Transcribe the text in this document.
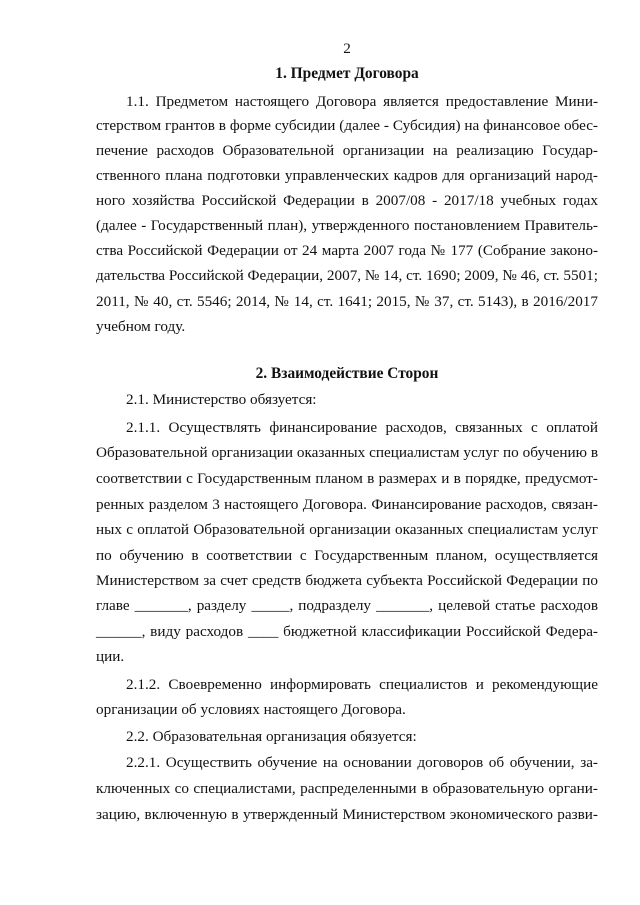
2
1. Предмет Договора
1.1. Предметом настоящего Договора является предоставление Мини-
стерством грантов в форме субсидии (далее - Субсидия) на финансовое обес-
печение расходов Образовательной организации на реализацию Государ-
ственного плана подготовки управленческих кадров для организаций народ-
ного хозяйства Российской Федерации в 2007/08 - 2017/18 учебных годах
(далее - Государственный план), утвержденного постановлением Правитель-
ства Российской Федерации от 24 марта 2007 года № 177 (Собрание законо-
дательства Российской Федерации, 2007, № 14, ст. 1690; 2009, № 46, ст. 5501;
2011, № 40, ст. 5546; 2014, № 14, ст. 1641; 2015, № 37, ст. 5143), в 2016/2017
учебном году.
2. Взаимодействие Сторон
2.1. Министерство обязуется:
2.1.1. Осуществлять финансирование расходов, связанных с оплатой
Образовательной организации оказанных специалистам услуг по обучению в
соответствии с Государственным планом в размерах и в порядке, предусмот-
ренных разделом 3 настоящего Договора. Финансирование расходов, связан-
ных с оплатой Образовательной организации оказанных специалистам услуг
по обучению в соответствии с Государственным планом, осуществляется
Министерством за счет средств бюджета субъекта Российской Федерации по
главе _______, разделу _____, подразделу _______, целевой статье расходов
______, виду расходов ____ бюджетной классификации Российской Федера-
ции.
2.1.2. Своевременно информировать специалистов и рекомендующие
организации об условиях настоящего Договора.
2.2. Образовательная организация обязуется:
2.2.1. Осуществить обучение на основании договоров об обучении, за-
ключенных со специалистами, распределенными в образовательную органи-
зацию, включенную в утвержденный Министерством экономического разви-
